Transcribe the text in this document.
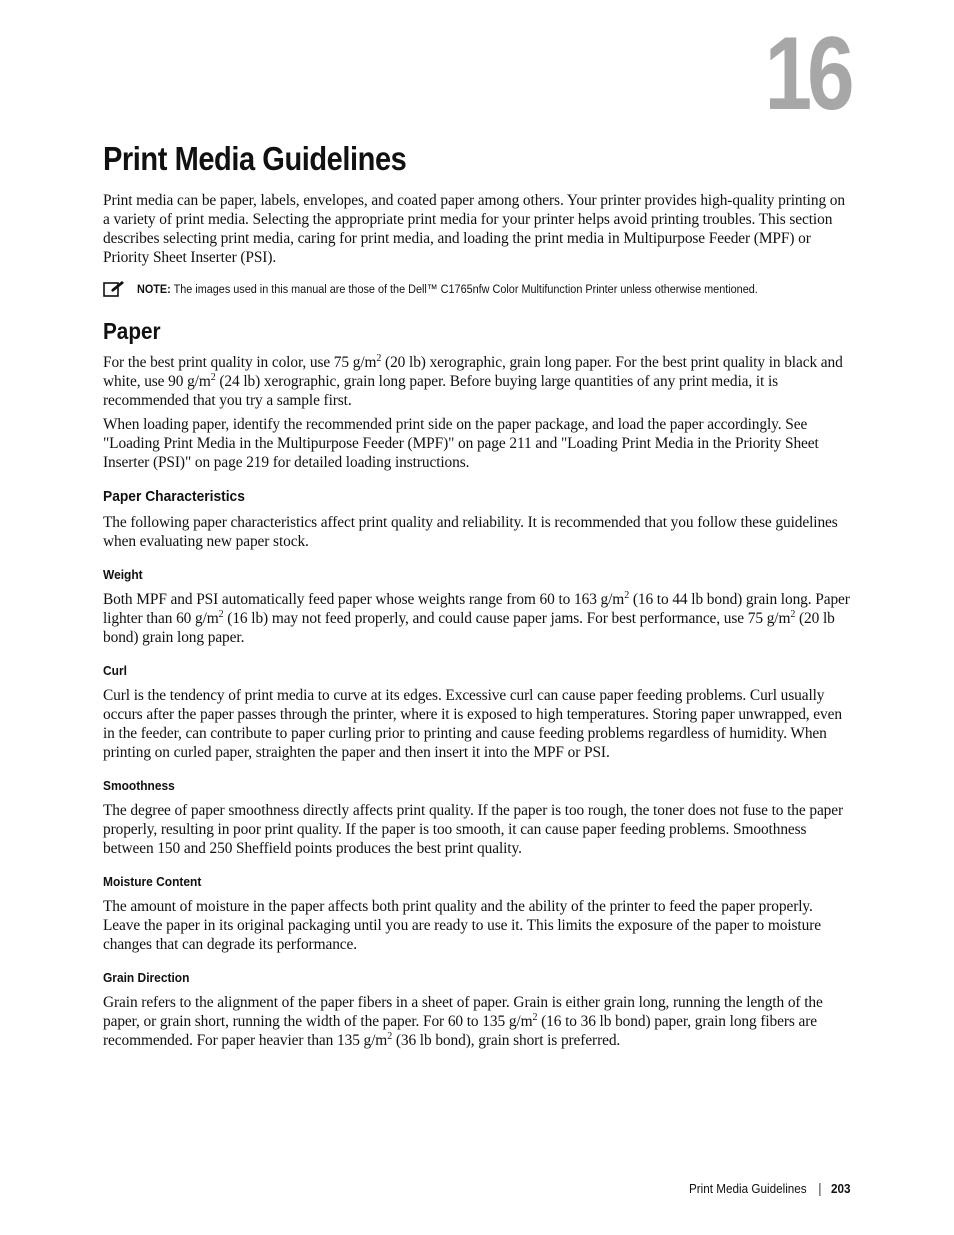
16
Print Media Guidelines

Print media can be paper, labels, envelopes, and coated paper among others. Your printer provides high-quality printing on a variety of print media. Selecting the appropriate print media for your printer helps avoid printing troubles. This section describes selecting print media, caring for print media, and loading the print media in Multipurpose Feeder (MPF) or Priority Sheet Inserter (PSI).

NOTE: The images used in this manual are those of the Dell™ C1765nfw Color Multifunction Printer unless otherwise mentioned.
Paper

For the best print quality in color, use 75 $g/m^2$ (20 lb) xerographic, grain long paper. For the best print quality in black and white, use 90 $g/m^2$ (24 lb) xerographic, grain long paper. Before buying large quantities of any print media, it is recommended that you try a sample first.

When loading paper, identify the recommended print side on the paper package, and load the paper accordingly. See "Loading Print Media in the Multipurpose Feeder (MPF)" on page 211 and "Loading Print Media in the Priority Sheet Inserter (PSI)" on page 219 for detailed loading instructions.

Paper Characteristics

The following paper characteristics affect print quality and reliability. It is recommended that you follow these guidelines when evaluating new paper stock.

Weight

Both MPF and PSI automatically feed paper whose weights range from 60 to 163 $g/m^2$ (16 to 44 lb bond) grain long. Paper lighter than 60 $g/m^2$ (16 lb) may not feed properly, and could cause paper jams. For best performance, use 75 $g/m^2$ (20 lb bond) grain long paper.

Curl

Curl is the tendency of print media to curve at its edges. Excessive curl can cause paper feeding problems. Curl usually occurs after the paper passes through the printer, where it is exposed to high temperatures. Storing paper unwrapped, even in the feeder, can contribute to paper curling prior to printing and cause feeding problems regardless of humidity. When printing on curled paper, straighten the paper and then insert it into the MPF or PSI.

Smoothness

The degree of paper smoothness directly affects print quality. If the paper is too rough, the toner does not fuse to the paper properly, resulting in poor print quality. If the paper is too smooth, it can cause paper feeding problems. Smoothness between 150 and 250 Sheffield points produces the best print quality.

Moisture Content

The amount of moisture in the paper affects both print quality and the ability of the printer to feed the paper properly. Leave the paper in its original packaging until you are ready to use it. This limits the exposure of the paper to moisture changes that can degrade its performance.

Grain Direction

Grain refers to the alignment of the paper fibers in a sheet of paper. Grain is either grain long, running the length of the paper, or grain short, running the width of the paper. For 60 to 135 $g/m^2$ (16 to 36 lb bond) paper, grain long fibers are recommended. For paper heavier than 135 $g/m^2$ (36 lb bond), grain short is preferred.

Print Media Guidelines 203
